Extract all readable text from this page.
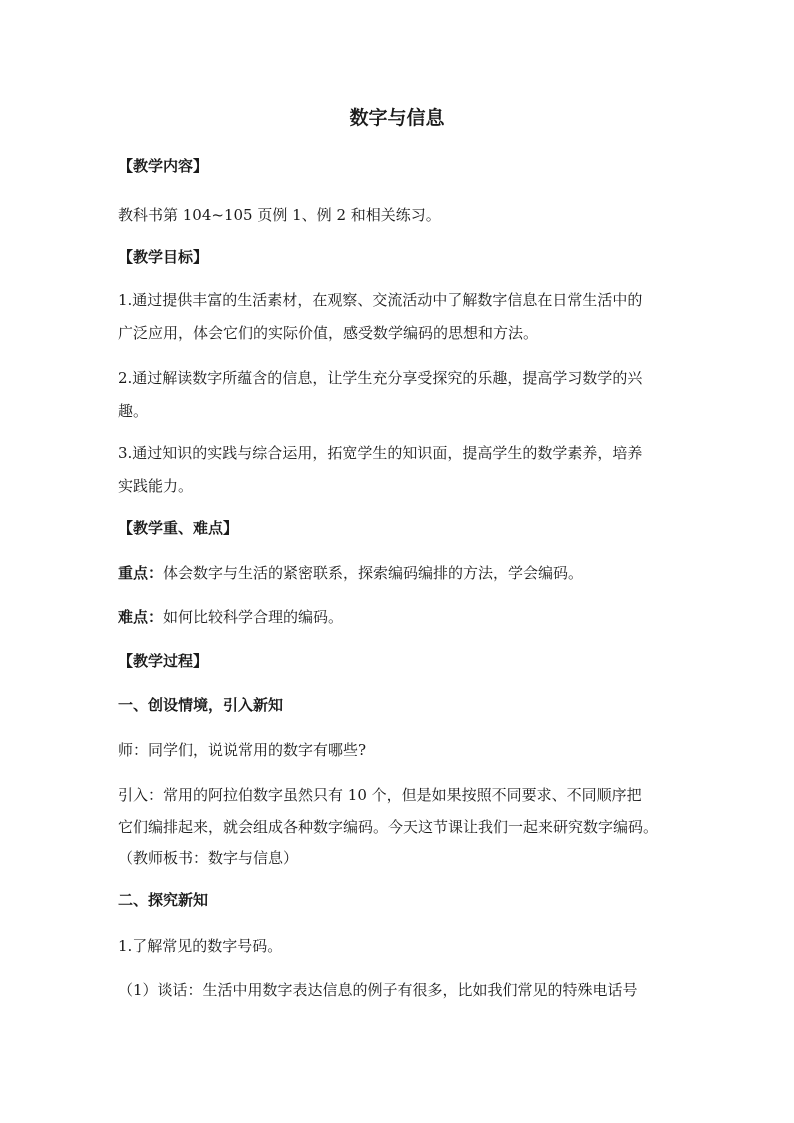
数字与信息
【教学内容】
教科书第 104~105 页例 1、例 2 和相关练习。
【教学目标】
1.通过提供丰富的生活素材，在观察、交流活动中了解数字信息在日常生活中的
广泛应用，体会它们的实际价值，感受数学编码的思想和方法。
2.通过解读数字所蕴含的信息，让学生充分享受探究的乐趣，提高学习数学的兴
趣。
3.通过知识的实践与综合运用，拓宽学生的知识面，提高学生的数学素养，培养
实践能力。
【教学重、难点】
重点：体会数字与生活的紧密联系，探索编码编排的方法，学会编码。
难点：如何比较科学合理的编码。
【教学过程】
一、创设情境，引入新知
师：同学们，说说常用的数字有哪些?
引入：常用的阿拉伯数字虽然只有 10 个，但是如果按照不同要求、不同顺序把
它们编排起来，就会组成各种数字编码。今天这节课让我们一起来研究数字编码。
（教师板书：数字与信息）
二、探究新知
1.了解常见的数字号码。
（1）谈话：生活中用数字表达信息的例子有很多，比如我们常见的特殊电话号
